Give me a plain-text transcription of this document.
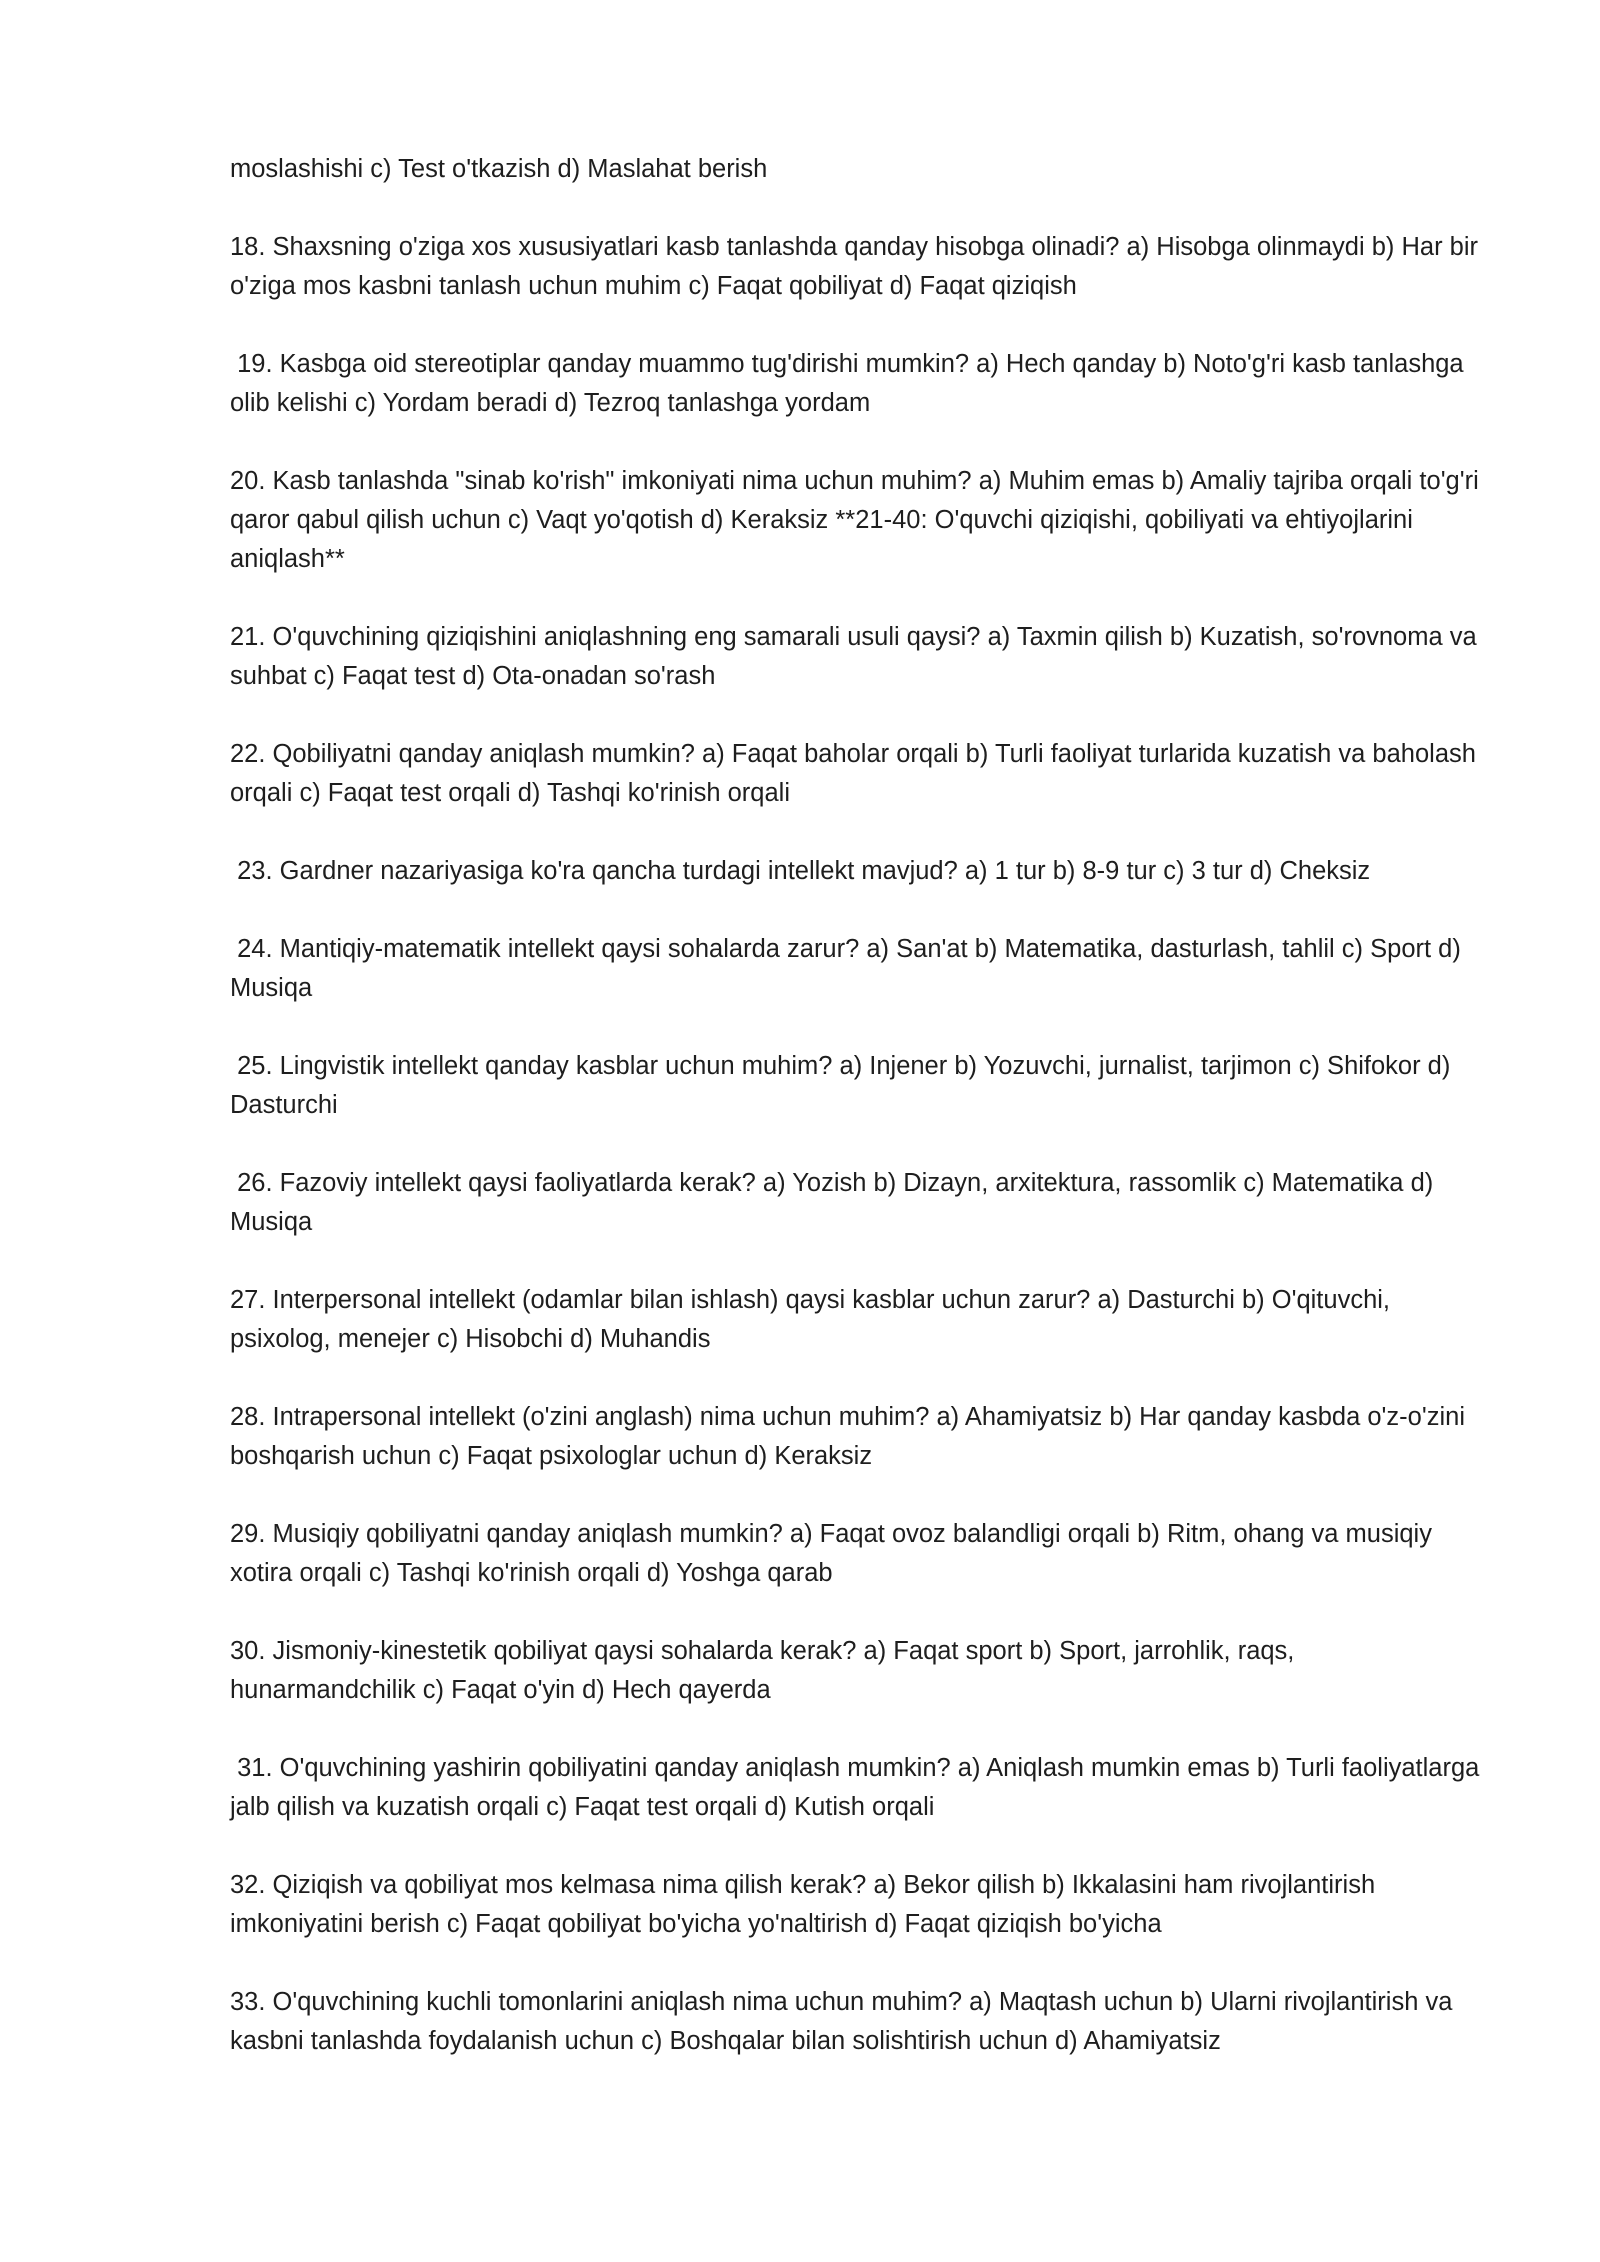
moslashishi c) Test o'tkazish d) Maslahat berish

18. Shaxsning o'ziga xos xususiyatlari kasb tanlashda qanday hisobga olinadi? a) Hisobga olinmaydi b) Har bir o'ziga mos kasbni tanlash uchun muhim c) Faqat qobiliyat d) Faqat qiziqish

19. Kasbga oid stereotiplar qanday muammo tug'dirishi mumkin? a) Hech qanday b) Noto'g'ri kasb tanlashga olib kelishi c) Yordam beradi d) Tezroq tanlashga yordam

20. Kasb tanlashda "sinab ko'rish" imkoniyati nima uchun muhim? a) Muhim emas b) Amaliy tajriba orqali to'g'ri qaror qabul qilish uchun c) Vaqt yo'qotish d) Keraksiz **21-40: O'quvchi qiziqishi, qobiliyati va ehtiyojlarini aniqlash**

21. O'quvchining qiziqishini aniqlashning eng samarali usuli qaysi? a) Taxmin qilish b) Kuzatish, so'rovnoma va suhbat c) Faqat test d) Ota-onadan so'rash

22. Qobiliyatni qanday aniqlash mumkin? a) Faqat baholar orqali b) Turli faoliyat turlarida kuzatish va baholash orqali c) Faqat test orqali d) Tashqi ko'rinish orqali

23. Gardner nazariyasiga ko'ra qancha turdagi intellekt mavjud? a) 1 tur b) 8-9 tur c) 3 tur d) Cheksiz

24. Mantiqiy-matematik intellekt qaysi sohalarda zarur? a) San'at b) Matematika, dasturlash, tahlil c) Sport d) Musiqa

25. Lingvistik intellekt qanday kasblar uchun muhim? a) Injener b) Yozuvchi, jurnalist, tarjimon c) Shifokor d) Dasturchi

26. Fazoviy intellekt qaysi faoliyatlarda kerak? a) Yozish b) Dizayn, arxitektura, rassomlik c) Matematika d) Musiqa

27. Interpersonal intellekt (odamlar bilan ishlash) qaysi kasblar uchun zarur? a) Dasturchi b) O'qituvchi, psixolog, menejer c) Hisobchi d) Muhandis

28. Intrapersonal intellekt (o'zini anglash) nima uchun muhim? a) Ahamiyatsiz b) Har qanday kasbda o'z-o'zini boshqarish uchun c) Faqat psixologlar uchun d) Keraksiz

29. Musiqiy qobiliyatni qanday aniqlash mumkin? a) Faqat ovoz balandligi orqali b) Ritm, ohang va musiqiy xotira orqali c) Tashqi ko'rinish orqali d) Yoshga qarab

30. Jismoniy-kinestetik qobiliyat qaysi sohalarda kerak? a) Faqat sport b) Sport, jarrohlik, raqs, hunarmandchilik c) Faqat o'yin d) Hech qayerda

31. O'quvchining yashirin qobiliyatini qanday aniqlash mumkin? a) Aniqlash mumkin emas b) Turli faoliyatlarga jalb qilish va kuzatish orqali c) Faqat test orqali d) Kutish orqali

32. Qiziqish va qobiliyat mos kelmasa nima qilish kerak? a) Bekor qilish b) Ikkalasini ham rivojlantirish imkoniyatini berish c) Faqat qobiliyat bo'yicha yo'naltirish d) Faqat qiziqish bo'yicha

33. O'quvchining kuchli tomonlarini aniqlash nima uchun muhim? a) Maqtash uchun b) Ularni rivojlantirish va kasbni tanlashda foydalanish uchun c) Boshqalar bilan solishtirish uchun d) Ahamiyatsiz
